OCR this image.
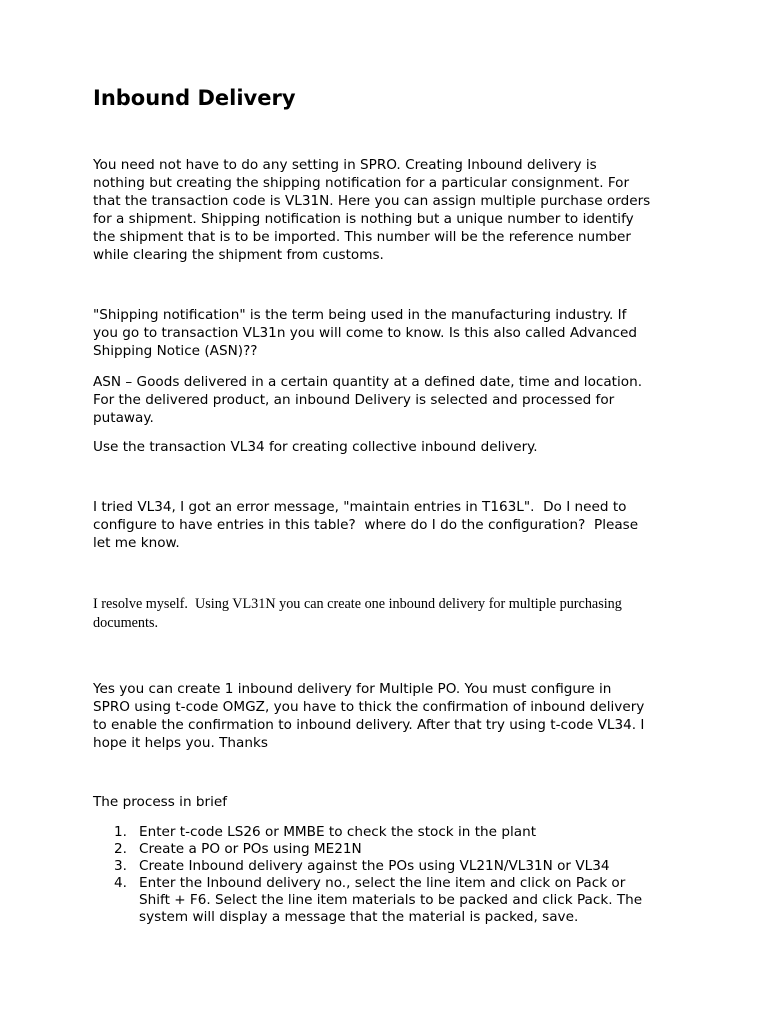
Inbound Delivery

You need not have to do any setting in SPRO. Creating Inbound delivery is
nothing but creating the shipping notification for a particular consignment. For
that the transaction code is VL31N. Here you can assign multiple purchase orders
for a shipment. Shipping notification is nothing but a unique number to identify
the shipment that is to be imported. This number will be the reference number
while clearing the shipment from customs.

"Shipping notification" is the term being used in the manufacturing industry. If
you go to transaction VL31n you will come to know. Is this also called Advanced
Shipping Notice (ASN)??

ASN – Goods delivered in a certain quantity at a defined date, time and location.
For the delivered product, an inbound Delivery is selected and processed for
putaway.

Use the transaction VL34 for creating collective inbound delivery.

I tried VL34, I got an error message, "maintain entries in T163L".  Do I need to
configure to have entries in this table?  where do I do the configuration?  Please
let me know.

I resolve myself.  Using VL31N you can create one inbound delivery for multiple purchasing
documents.

Yes you can create 1 inbound delivery for Multiple PO. You must configure in
SPRO using t-code OMGZ, you have to thick the confirmation of inbound delivery
to enable the confirmation to inbound delivery. After that try using t-code VL34. I
hope it helps you. Thanks

The process in brief

1. Enter t-code LS26 or MMBE to check the stock in the plant
2. Create a PO or POs using ME21N
3. Create Inbound delivery against the POs using VL21N/VL31N or VL34
4. Enter the Inbound delivery no., select the line item and click on Pack or
Shift + F6. Select the line item materials to be packed and click Pack. The
system will display a message that the material is packed, save.
